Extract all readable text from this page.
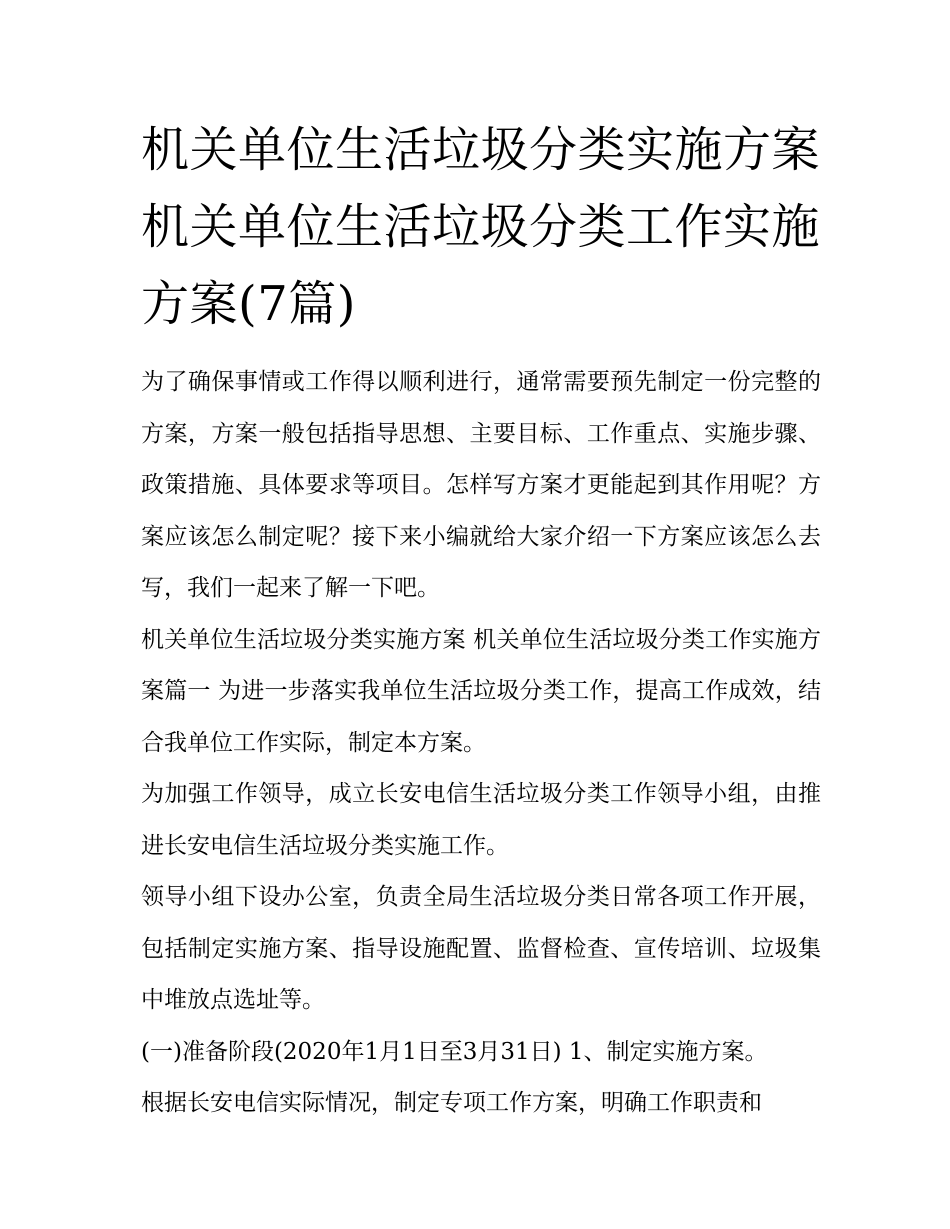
机关单位生活垃圾分类实施方案 机关单位生活垃圾分类工作实施方案(7篇)

为了确保事情或工作得以顺利进行，通常需要预先制定一份完整的方案，方案一般包括指导思想、主要目标、工作重点、实施步骤、政策措施、具体要求等项目。怎样写方案才更能起到其作用呢？方案应该怎么制定呢？接下来小编就给大家介绍一下方案应该怎么去写，我们一起来了解一下吧。

机关单位生活垃圾分类实施方案 机关单位生活垃圾分类工作实施方案篇一 为进一步落实我单位生活垃圾分类工作，提高工作成效，结合我单位工作实际，制定本方案。

为加强工作领导，成立长安电信生活垃圾分类工作领导小组，由推进长安电信生活垃圾分类实施工作。

领导小组下设办公室，负责全局生活垃圾分类日常各项工作开展，包括制定实施方案、指导设施配置、监督检查、宣传培训、垃圾集中堆放点选址等。

(一)准备阶段(2020年1月1日至3月31日) 1、制定实施方案。

根据长安电信实际情况，制定专项工作方案，明确工作职责和
